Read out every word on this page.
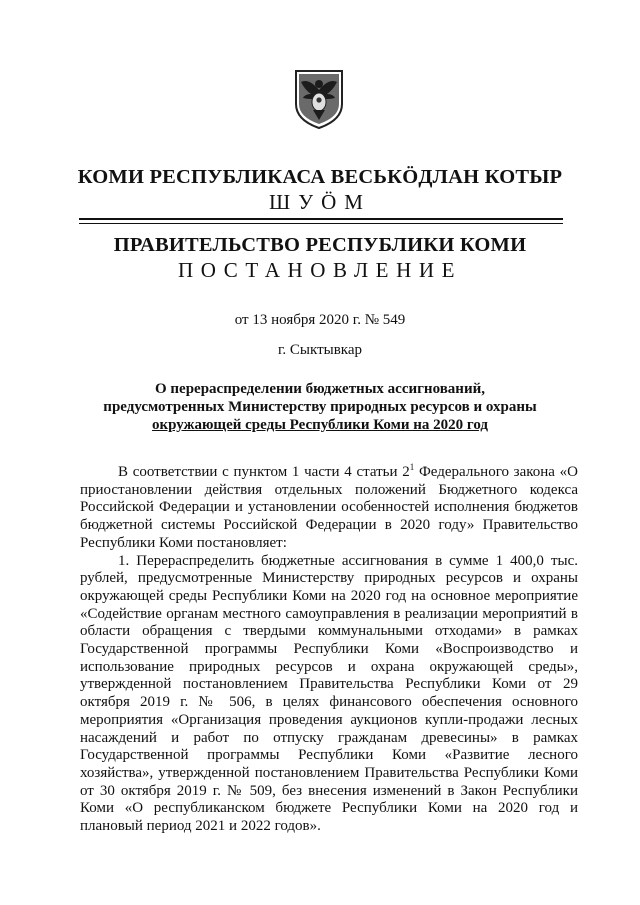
КОМИ РЕСПУБЛИКАСА ВЕСЬКӦДЛАН КОТЫР
ШУӦМ
ПРАВИТЕЛЬСТВО РЕСПУБЛИКИ КОМИ
ПОСТАНОВЛЕНИЕ
от 13 ноября 2020 г. № 549
г. Сыктывкар
О перераспределении бюджетных ассигнований,
предусмотренных Министерству природных ресурсов и охраны
окружающей среды Республики Коми на 2020 год

В соответствии с пунктом 1 части 4 статьи $2^1$ Федерального закона «О приостановлении действия отдельных положений Бюджетного кодекса Российской Федерации и установлении особенностей исполнения бюджетов бюджетной системы Российской Федерации в 2020 году» Правительство Республики Коми постановляет:

1. Перераспределить бюджетные ассигнования в сумме 1 400,0 тыс. рублей, предусмотренные Министерству природных ресурсов и охраны окружающей среды Республики Коми на 2020 год на основное мероприятие «Содействие органам местного самоуправления в реализации мероприятий в области обращения с твердыми коммунальными отходами» в рамках Государственной программы Республики Коми «Воспроизводство и использование природных ресурсов и охрана окружающей среды», утвержденной постановлением Правительства Республики Коми от 29 октября 2019 г. № 506, в целях финансового обеспечения основного мероприятия «Организация проведения аукционов купли-продажи лесных насаждений и работ по отпуску гражданам древесины» в рамках Государственной программы Республики Коми «Развитие лесного хозяйства», утвержденной постановлением Правительства Республики Коми от 30 октября 2019 г. № 509, без внесения изменений в Закон Республики Коми «О республиканском бюджете Республики Коми на 2020 год и плановый период 2021 и 2022 годов».
